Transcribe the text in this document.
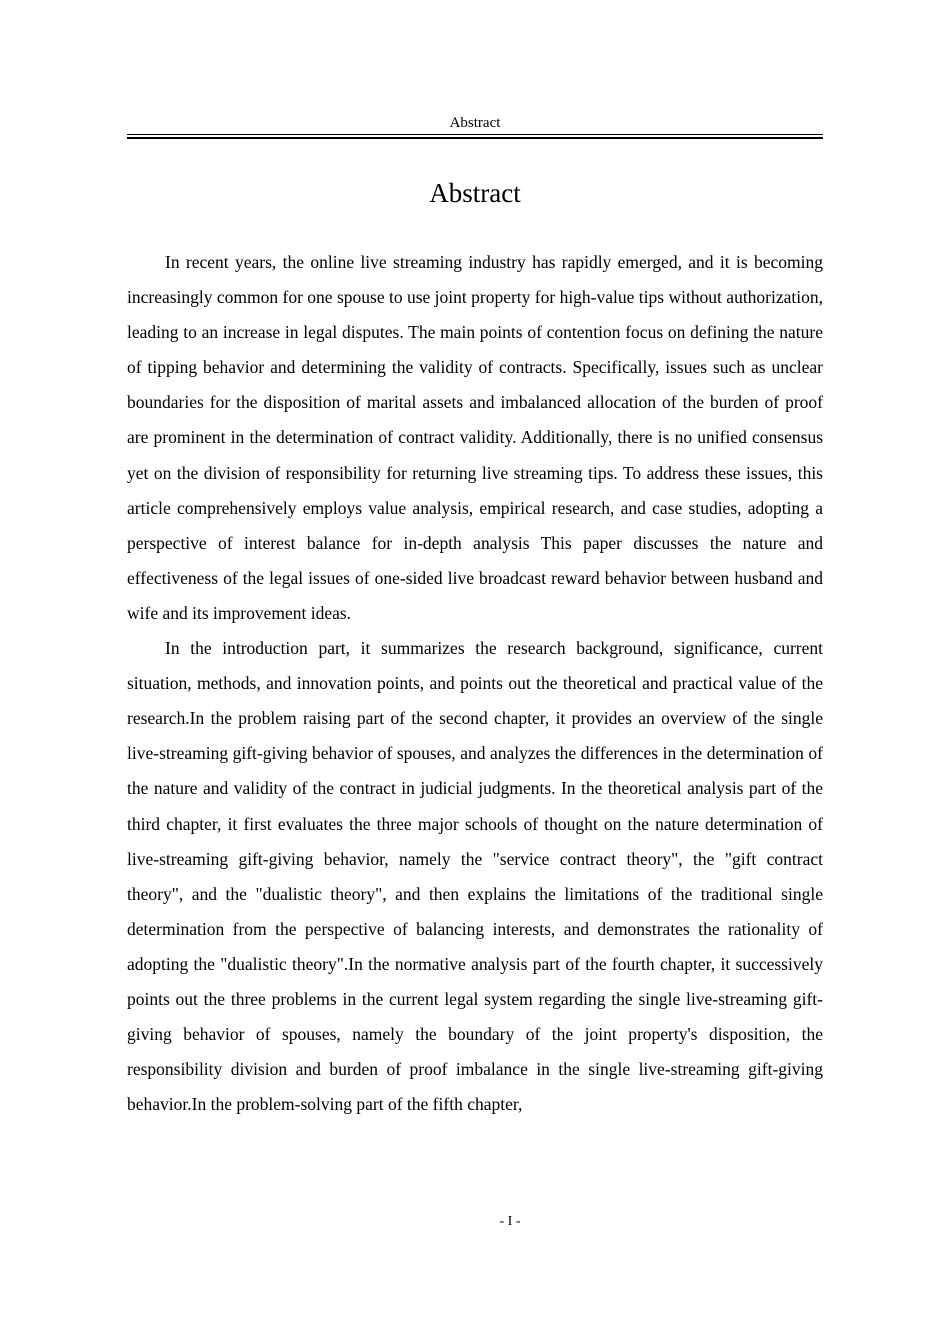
Abstract
Abstract

In recent years, the online live streaming industry has rapidly emerged, and it is becoming increasingly common for one spouse to use joint property for high-value tips without authorization, leading to an increase in legal disputes. The main points of contention focus on defining the nature of tipping behavior and determining the validity of contracts. Specifically, issues such as unclear boundaries for the disposition of marital assets and imbalanced allocation of the burden of proof are prominent in the determination of contract validity. Additionally, there is no unified consensus yet on the division of responsibility for returning live streaming tips. To address these issues, this article comprehensively employs value analysis, empirical research, and case studies, adopting a perspective of interest balance for in-depth analysis This paper discusses the nature and effectiveness of the legal issues of one-sided live broadcast reward behavior between husband and wife and its improvement ideas.

In the introduction part, it summarizes the research background, significance, current situation, methods, and innovation points, and points out the theoretical and practical value of the research.In the problem raising part of the second chapter, it provides an overview of the single live-streaming gift-giving behavior of spouses, and analyzes the differences in the determination of the nature and validity of the contract in judicial judgments. In the theoretical analysis part of the third chapter, it first evaluates the three major schools of thought on the nature determination of live-streaming gift-giving behavior, namely the "service contract theory", the "gift contract theory", and the "dualistic theory", and then explains the limitations of the traditional single determination from the perspective of balancing interests, and demonstrates the rationality of adopting the "dualistic theory".In the normative analysis part of the fourth chapter, it successively points out the three problems in the current legal system regarding the single live-streaming gift-giving behavior of spouses, namely the boundary of the joint property's disposition, the responsibility division and burden of proof imbalance in the single live-streaming gift-giving behavior.In the problem-solving part of the fifth chapter,

- I -
